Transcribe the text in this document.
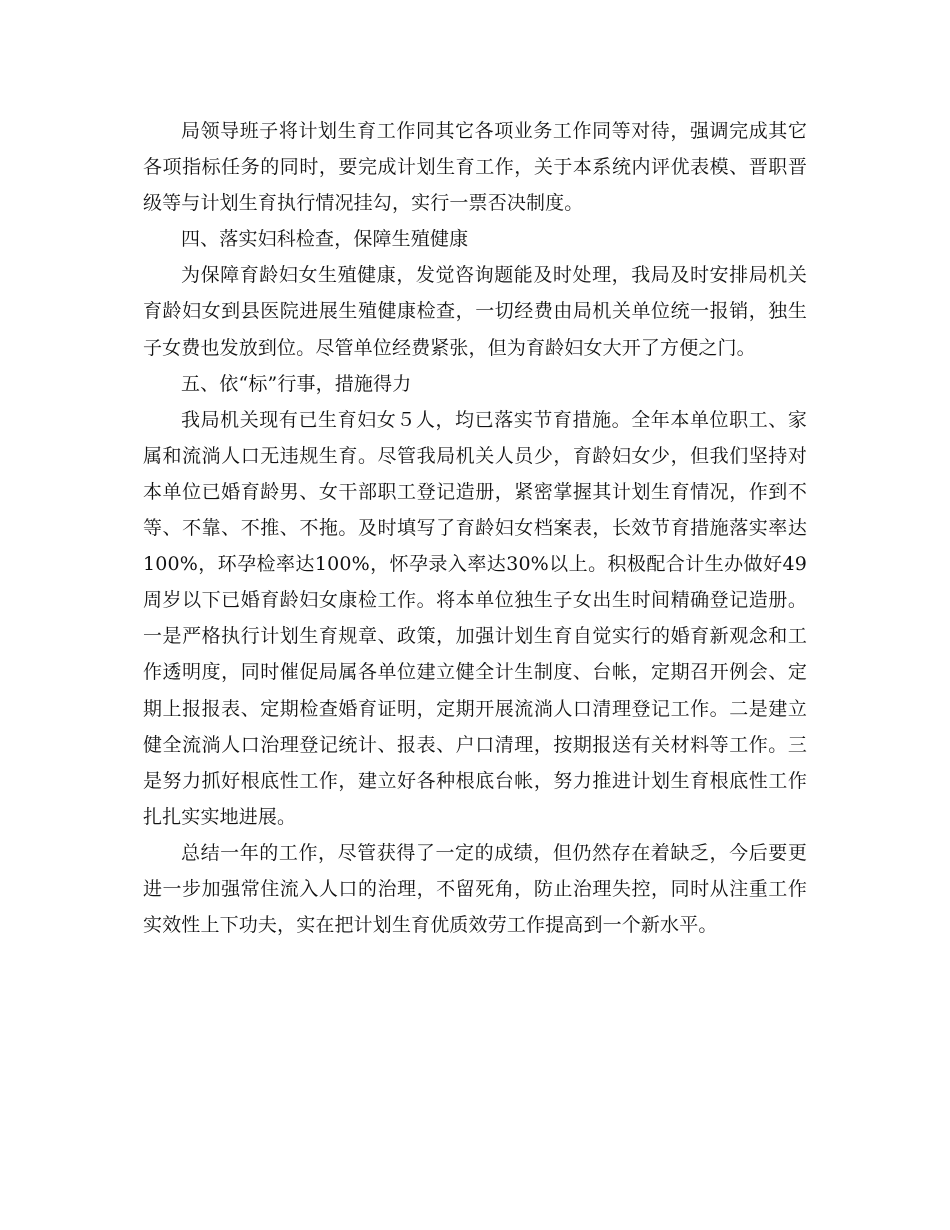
局领导班子将计划生育工作同其它各项业务工作同等对待，强调完成其它各项指标任务的同时，要完成计划生育工作，关于本系统内评优表模、晋职晋级等与计划生育执行情况挂勾，实行一票否决制度。

四、落实妇科检查，保障生殖健康

为保障育龄妇女生殖健康，发觉咨询题能及时处理，我局及时安排局机关育龄妇女到县医院进展生殖健康检查，一切经费由局机关单位统一报销，独生子女费也发放到位。尽管单位经费紧张，但为育龄妇女大开了方便之门。

五、依“标”行事，措施得力

我局机关现有已生育妇女５人，均已落实节育措施。全年本单位职工、家属和流淌人口无违规生育。尽管我局机关人员少，育龄妇女少，但我们坚持对本单位已婚育龄男、女干部职工登记造册，紧密掌握其计划生育情况，作到不等、不靠、不推、不拖。及时填写了育龄妇女档案表，长效节育措施落实率达100%，环孕检率达100%，怀孕录入率达30%以上。积极配合计生办做好49周岁以下已婚育龄妇女康检工作。将本单位独生子女出生时间精确登记造册。一是严格执行计划生育规章、政策，加强计划生育自觉实行的婚育新观念和工作透明度，同时催促局属各单位建立健全计生制度、台帐，定期召开例会、定期上报报表、定期检查婚育证明，定期开展流淌人口清理登记工作。二是建立健全流淌人口治理登记统计、报表、户口清理，按期报送有关材料等工作。三是努力抓好根底性工作，建立好各种根底台帐，努力推进计划生育根底性工作扎扎实实地进展。

总结一年的工作，尽管获得了一定的成绩，但仍然存在着缺乏，今后要更进一步加强常住流入人口的治理，不留死角，防止治理失控，同时从注重工作实效性上下功夫，实在把计划生育优质效劳工作提高到一个新水平。
